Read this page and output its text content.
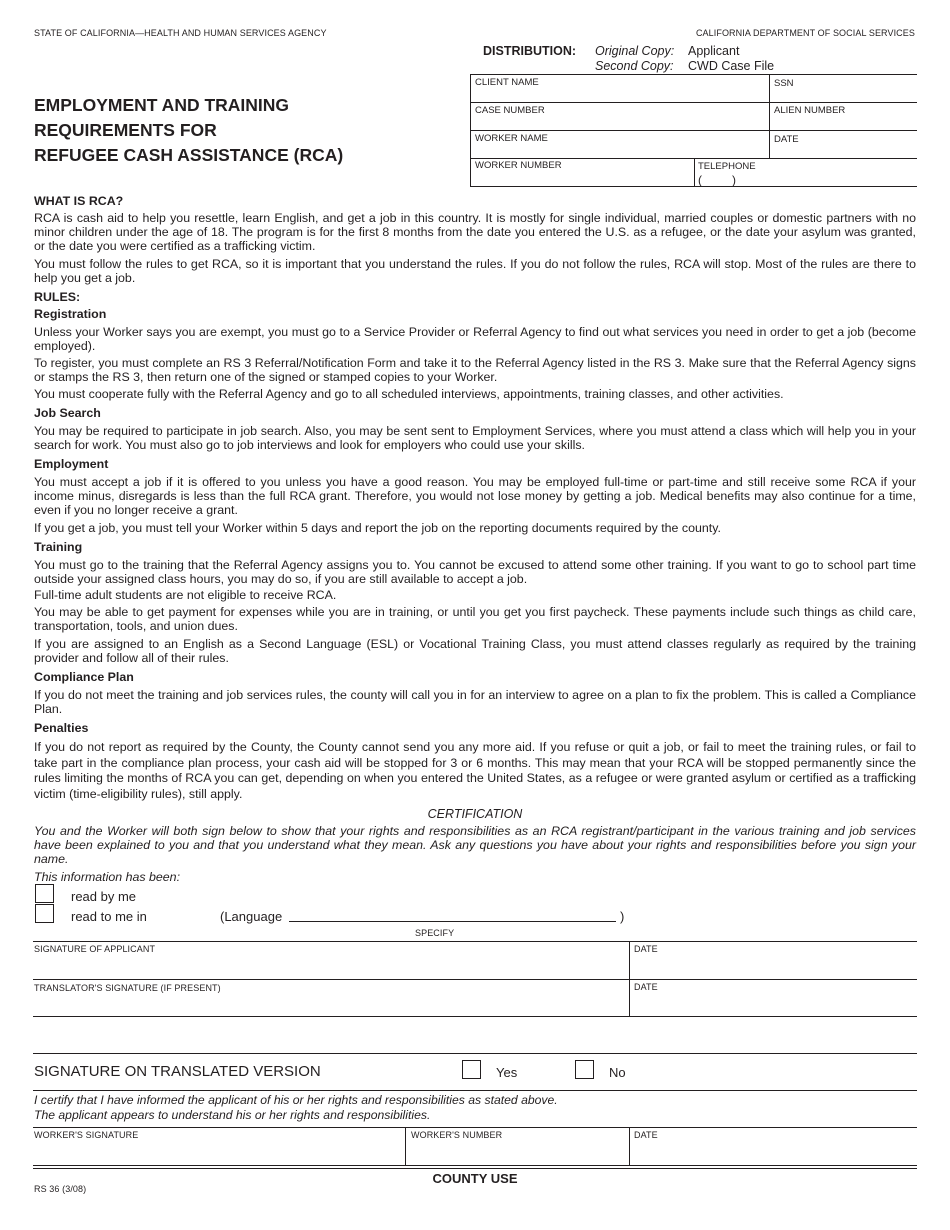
STATE OF CALIFORNIA—HEALTH AND HUMAN SERVICES AGENCY	CALIFORNIA DEPARTMENT OF SOCIAL SERVICES
DISTRIBUTION: Original Copy: Applicant
Second Copy: CWD Case File
EMPLOYMENT AND TRAINING
REQUIREMENTS FOR
REFUGEE CASH ASSISTANCE (RCA)
CLIENT NAME	SSN
CASE NUMBER	ALIEN NUMBER
WORKER NAME	DATE
WORKER NUMBER	TELEPHONE
(         )
WHAT IS RCA?

RCA is cash aid to help you resettle, learn English, and get a job in this country. It is mostly for single individual, married couples or domestic partners with no minor children under the age of 18. The program is for the first 8 months from the date you entered the U.S. as a refugee, or the date your asylum was granted, or the date you were certified as a trafficking victim.

You must follow the rules to get RCA, so it is important that you understand the rules. If you do not follow the rules, RCA will stop. Most of the rules are there to help you get a job.

RULES:
Registration

Unless your Worker says you are exempt, you must go to a Service Provider or Referral Agency to find out what services you need in order to get a job (become employed).

To register, you must complete an RS 3 Referral/Notification Form and take it to the Referral Agency listed in the RS 3. Make sure that the Referral Agency signs or stamps the RS 3, then return one of the signed or stamped copies to your Worker.

You must cooperate fully with the Referral Agency and go to all scheduled interviews, appointments, training classes, and other activities.

Job Search

You may be required to participate in job search. Also, you may be sent sent to Employment Services, where you must attend a class which will help you in your search for work. You must also go to job interviews and look for employers who could use your skills.

Employment

You must accept a job if it is offered to you unless you have a good reason. You may be employed full-time or part-time and still receive some RCA if your income minus, disregards is less than the full RCA grant. Therefore, you would not lose money by getting a job. Medical benefits may also continue for a time, even if you no longer receive a grant.

If you get a job, you must tell your Worker within 5 days and report the job on the reporting documents required by the county.

Training

You must go to the training that the Referral Agency assigns you to. You cannot be excused to attend some other training. If you want to go to school part time outside your assigned class hours, you may do so, if you are still available to accept a job.

Full-time adult students are not eligible to receive RCA.

You may be able to get payment for expenses while you are in training, or until you get you first paycheck. These payments include such things as child care, transportation, tools, and union dues.

If you are assigned to an English as a Second Language (ESL) or Vocational Training Class, you must attend classes regularly as required by the training provider and follow all of their rules.

Compliance Plan

If you do not meet the training and job services rules, the county will call you in for an interview to agree on a plan to fix the problem. This is called a Compliance Plan.

Penalties

If you do not report as required by the County, the County cannot send you any more aid. If you refuse or quit a job, or fail to meet the training rules, or fail to take part in the compliance plan process, your cash aid will be stopped for 3 or 6 months. This may mean that your RCA will be stopped permanently since the rules limiting the months of RCA you can get, depending on when you entered the United States, as a refugee or were granted asylum or certified as a trafficking victim (time-eligibility rules), still apply.

CERTIFICATION

You and the Worker will both sign below to show that your rights and responsibilities as an RCA registrant/participant in the various training and job services have been explained to you and that you understand what they mean. Ask any questions you have about your rights and responsibilities before you sign your name.

This information has been:
read by me
read to me in	(Language	)
SPECIFY
SIGNATURE OF APPLICANT	DATE
TRANSLATOR'S SIGNATURE (IF PRESENT)	DATE
SIGNATURE ON TRANSLATED VERSION	Yes	No
I certify that I have informed the applicant of his or her rights and responsibilities as stated above.
The applicant appears to understand his or her rights and responsibilities.
WORKER'S SIGNATURE	WORKER'S NUMBER	DATE
COUNTY USE
RS 36 (3/08)
